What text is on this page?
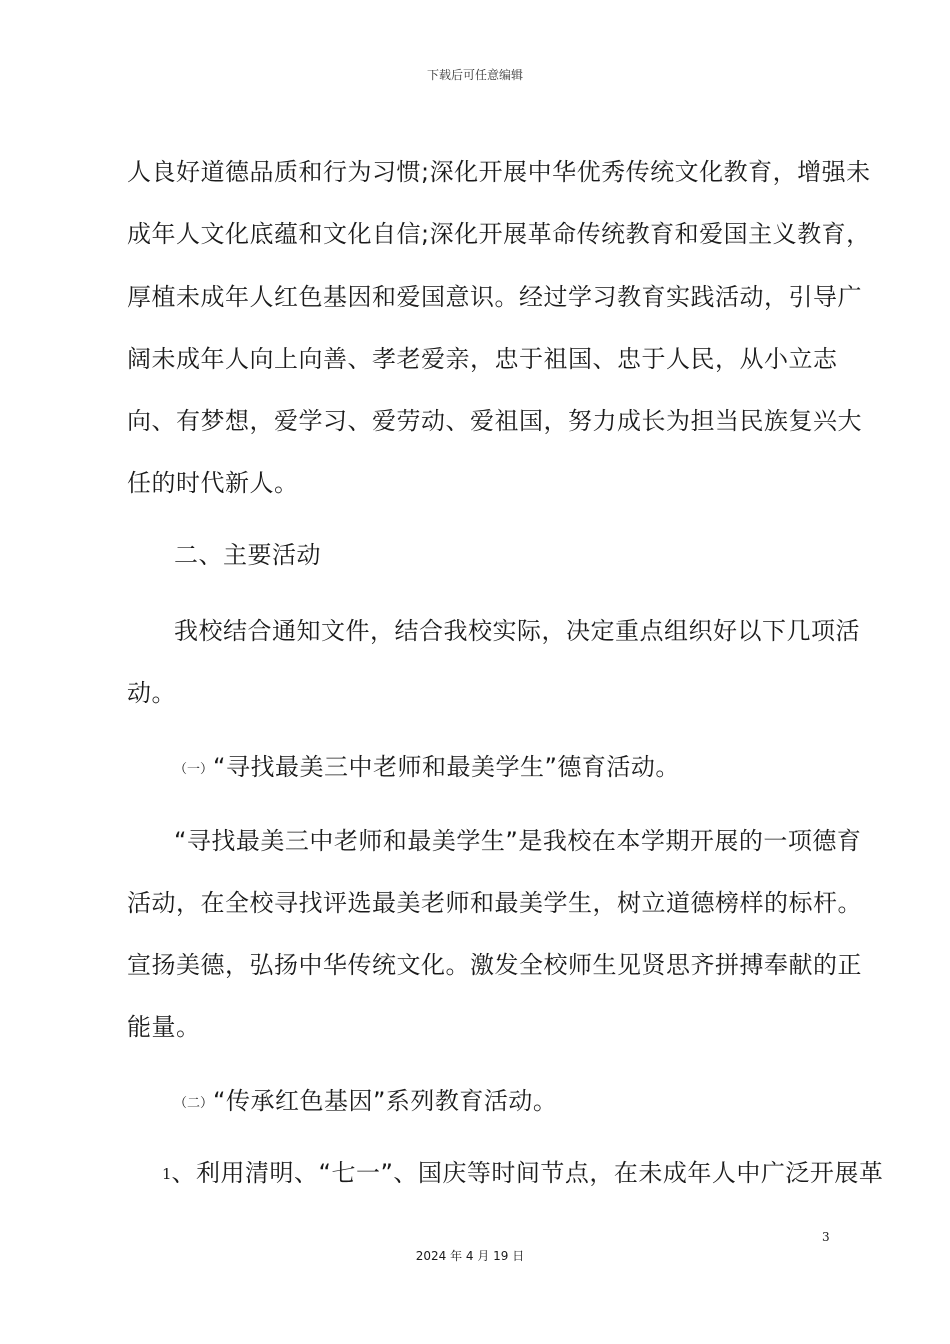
下载后可任意编辑
人良好道德品质和行为习惯;深化开展中华优秀传统文化教育，增强未
成年人文化底蕴和文化自信;深化开展革命传统教育和爱国主义教育，
厚植未成年人红色基因和爱国意识。经过学习教育实践活动，引导广
阔未成年人向上向善、孝老爱亲，忠于祖国、忠于人民，从小立志
向、有梦想，爱学习、爱劳动、爱祖国，努力成长为担当民族复兴大
任的时代新人。
二、主要活动
我校结合通知文件，结合我校实际，决定重点组织好以下几项活
动。
（一）“寻找最美三中老师和最美学生”德育活动。
“寻找最美三中老师和最美学生”是我校在本学期开展的一项德育
活动，在全校寻找评选最美老师和最美学生，树立道德榜样的标杆。
宣扬美德，弘扬中华传统文化。激发全校师生见贤思齐拼搏奉献的正
能量。
（二）“传承红色基因”系列教育活动。
1、利用清明、“七一”、国庆等时间节点，在未成年人中广泛开展革
3
2024 年 4 月 19 日
